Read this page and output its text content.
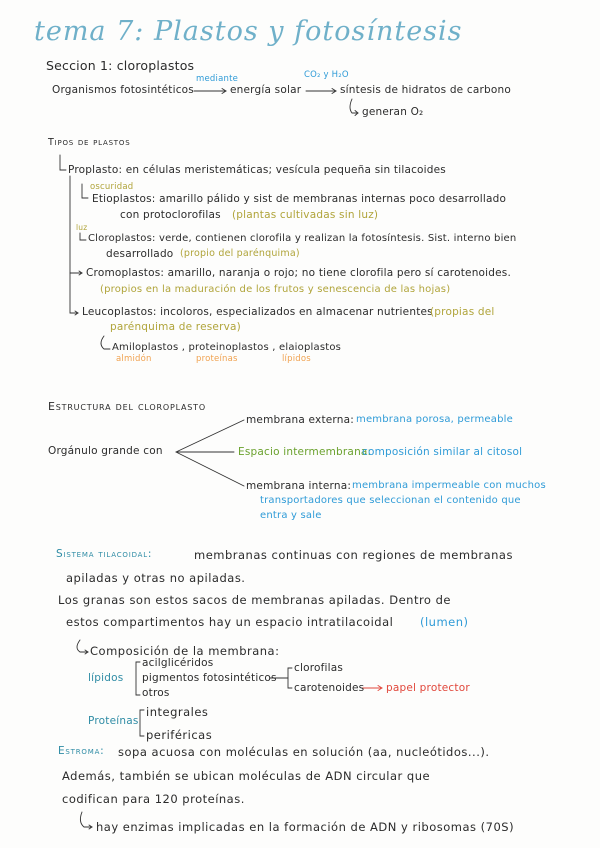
tema 7: Plastos y fotosíntesis
Seccion 1: cloroplastos
Organismos fotosintéticos
mediante
energía solar
CO₂ y H₂O
síntesis de hidratos de carbono
generan O₂
Tipos de plastos
Proplasto: en células meristemáticas; vesícula pequeña sin tilacoides
oscuridad
Etioplastos: amarillo pálido y sist de membranas internas poco desarrollado
con protoclorofilas (plantas cultivadas sin luz)
luz
Cloroplastos: verde, contienen clorofila y realizan la fotosíntesis. Sist. interno bien
desarrollado (propio del parénquima)
Cromoplastos: amarillo, naranja o rojo; no tiene clorofila pero sí carotenoides.
(propios en la maduración de los frutos y senescencia de las hojas)
Leucoplastos: incoloros, especializados en almacenar nutrientes
(propias del
parénquima de reserva)
Amiloplastos , proteinoplastos , elaioplastos
almidón	proteínas	lípidos
Estructura del cloroplasto
Orgánulo grande con
membrana externa: membrana porosa, permeable
Espacio intermembrana:
composición similar al citosol
membrana interna: membrana impermeable con muchos
transportadores que seleccionan el contenido que
entra y sale
Sistema tilacoidal:	membranas continuas con regiones de membranas
apiladas y otras no apiladas.
Los granas son estos sacos de membranas apiladas. Dentro de
estos compartimentos hay un espacio intratilacoidal (lumen)
Composición de la membrana:
lípidos
acilglicéridos
pigmentos fotosintéticos
otros
clorofilas
carotenoides papel protector
Proteínas
integrales
periféricas
Estroma: sopa acuosa con moléculas en solución (aa, nucleótidos...).
Además, también se ubican moléculas de ADN circular que
codifican para 120 proteínas.
hay enzimas implicadas en la formación de ADN y ribosomas (70S)
